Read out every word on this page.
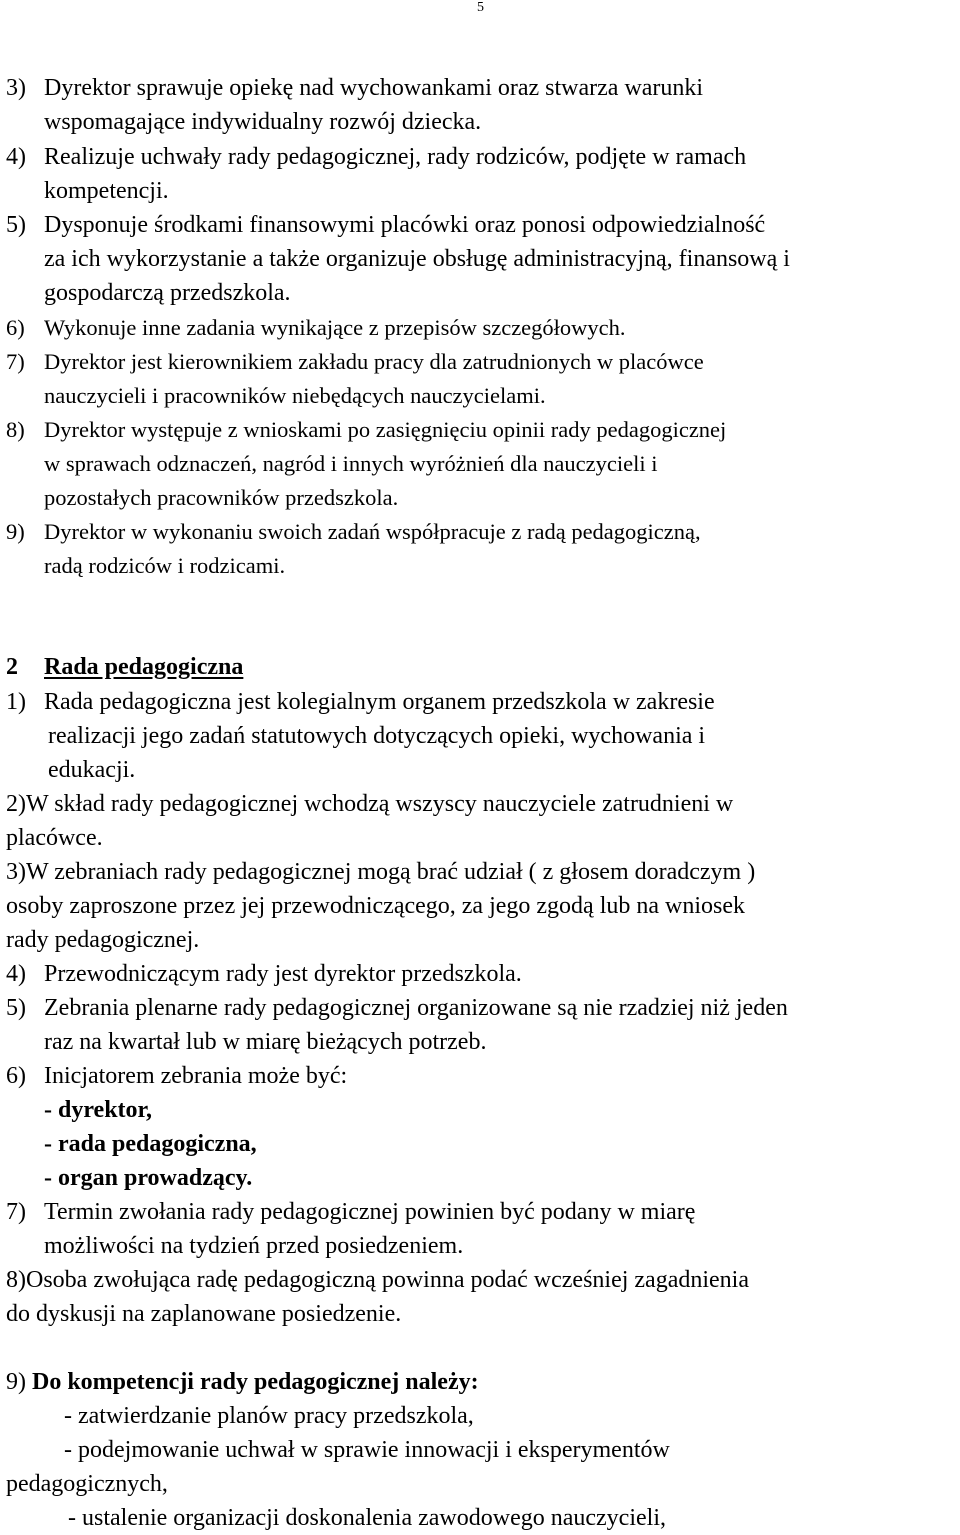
5
3) Dyrektor sprawuje opiekę nad wychowankami oraz stwarza warunki
wspomagające indywidualny rozwój dziecka.
4) Realizuje uchwały rady pedagogicznej, rady rodziców, podjęte w ramach
kompetencji.
5) Dysponuje środkami finansowymi placówki oraz ponosi odpowiedzialność
za ich wykorzystanie a także organizuje obsługę administracyjną, finansową i
gospodarczą przedszkola.
6) Wykonuje inne zadania wynikające z przepisów szczegółowych.
7) Dyrektor jest kierownikiem zakładu pracy dla zatrudnionych w placówce
nauczycieli i pracowników niebędących nauczycielami.
8) Dyrektor występuje z wnioskami po zasięgnięciu opinii rady pedagogicznej
w sprawach odznaczeń, nagród i innych wyróżnień dla nauczycieli i
pozostałych pracowników przedszkola.
9) Dyrektor w wykonaniu swoich zadań współpracuje z radą pedagogiczną,
radą rodziców i rodzicami.
2 Rada pedagogiczna
1) Rada pedagogiczna jest kolegialnym organem przedszkola w zakresie
realizacji jego zadań statutowych dotyczących opieki, wychowania i
edukacji.
2)W skład rady pedagogicznej wchodzą wszyscy nauczyciele zatrudnieni w
placówce.
3)W zebraniach rady pedagogicznej mogą brać udział ( z głosem doradczym )
osoby zaproszone przez jej przewodniczącego, za jego zgodą lub na wniosek
rady pedagogicznej.
4) Przewodniczącym rady jest dyrektor przedszkola.
5) Zebrania plenarne rady pedagogicznej organizowane są nie rzadziej niż jeden
raz na kwartał lub w miarę bieżących potrzeb.
6) Inicjatorem zebrania może być:
- dyrektor,
- rada pedagogiczna,
- organ prowadzący.
7) Termin zwołania rady pedagogicznej powinien być podany w miarę
możliwości na tydzień przed posiedzeniem.
8)Osoba zwołująca radę pedagogiczną powinna podać wcześniej zagadnienia
do dyskusji na zaplanowane posiedzenie.
9) Do kompetencji rady pedagogicznej należy:
- zatwierdzanie planów pracy przedszkola,
- podejmowanie uchwał w sprawie innowacji i eksperymentów
pedagogicznych,
- ustalenie organizacji doskonalenia zawodowego nauczycieli,
